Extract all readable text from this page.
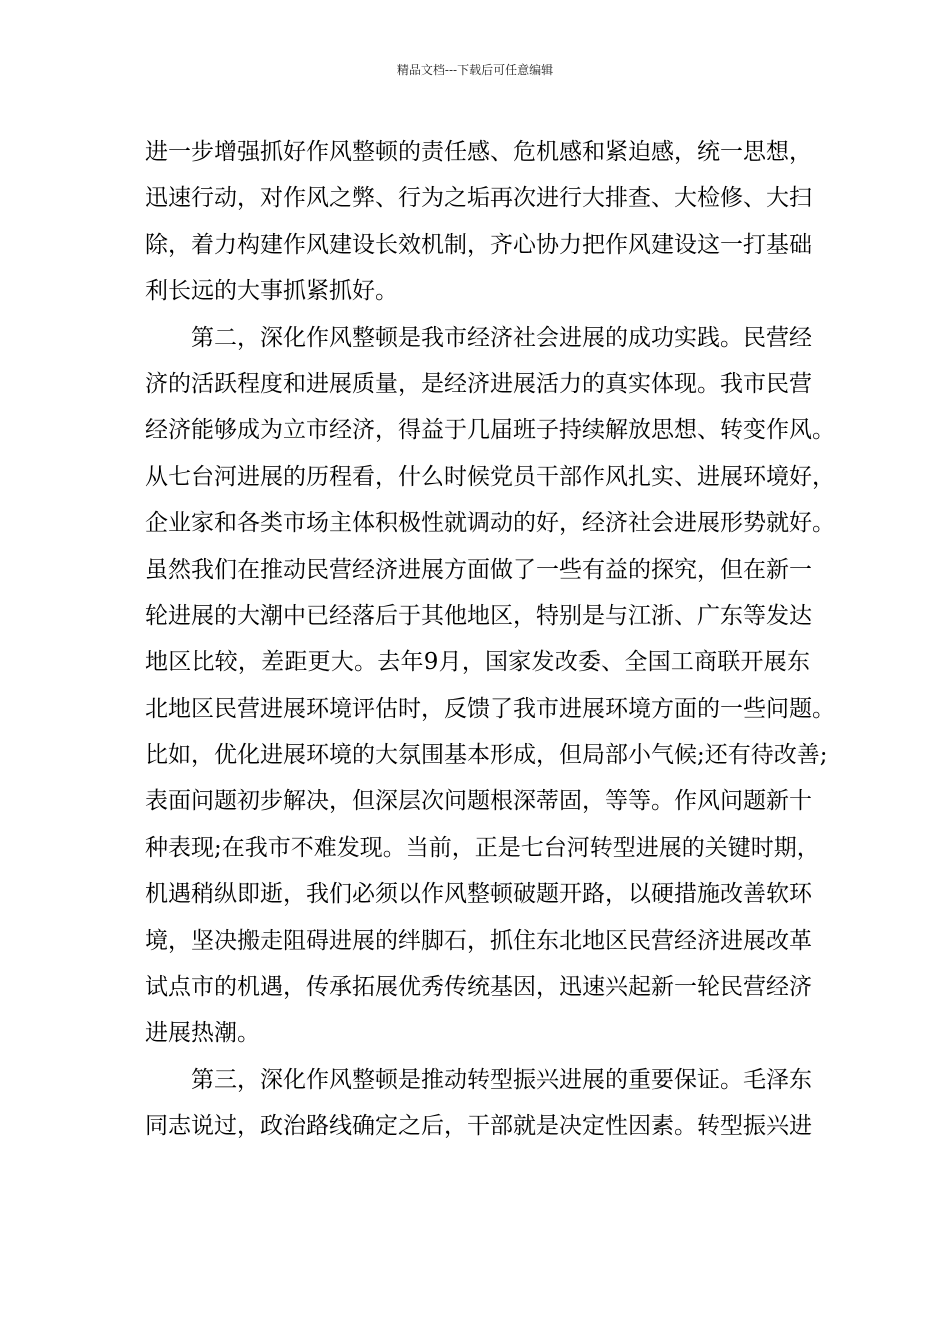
精品文档---下载后可任意编辑
进一步增强抓好作风整顿的责任感、危机感和紧迫感，统一思想，
迅速行动，对作风之弊、行为之垢再次进行大排查、大检修、大扫
除，着力构建作风建设长效机制，齐心协力把作风建设这一打基础
利长远的大事抓紧抓好。
第二，深化作风整顿是我市经济社会进展的成功实践。民营经
济的活跃程度和进展质量，是经济进展活力的真实体现。我市民营
经济能够成为立市经济，得益于几届班子持续解放思想、转变作风。
从七台河进展的历程看，什么时候党员干部作风扎实、进展环境好，
企业家和各类市场主体积极性就调动的好，经济社会进展形势就好。
虽然我们在推动民营经济进展方面做了一些有益的探究，但在新一
轮进展的大潮中已经落后于其他地区，特别是与江浙、广东等发达
地区比较，差距更大。去年9月，国家发改委、全国工商联开展东
北地区民营进展环境评估时，反馈了我市进展环境方面的一些问题。
比如，优化进展环境的大氛围基本形成，但局部小气候;还有待改善;
表面问题初步解决，但深层次问题根深蒂固，等等。作风问题新十
种表现;在我市不难发现。当前，正是七台河转型进展的关键时期，
机遇稍纵即逝，我们必须以作风整顿破题开路，以硬措施改善软环
境，坚决搬走阻碍进展的绊脚石，抓住东北地区民营经济进展改革
试点市的机遇，传承拓展优秀传统基因，迅速兴起新一轮民营经济
进展热潮。
第三，深化作风整顿是推动转型振兴进展的重要保证。毛泽东
同志说过，政治路线确定之后，干部就是决定性因素。转型振兴进
